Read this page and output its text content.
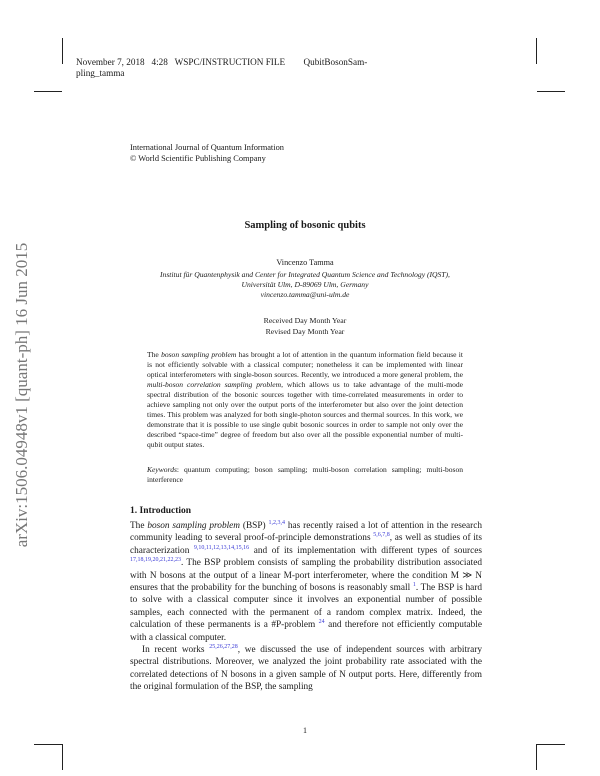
arXiv:1506.04948v1 [quant-ph] 16 Jun 2015
November 7, 2018   4:28   WSPC/INSTRUCTION FILE        QubitBosonSam-
pling_tamma
International Journal of Quantum Information
© World Scientific Publishing Company
Sampling of bosonic qubits
Vincenzo Tamma
Institut für Quantenphysik and Center for Integrated Quantum Science and Technology (IQST),
Universität Ulm, D-89069 Ulm, Germany
vincenzo.tamma@uni-ulm.de
Received Day Month Year
Revised Day Month Year
The boson sampling problem has brought a lot of attention in the quantum information field because it is not efficiently solvable with a classical computer; nonetheless it can be implemented with linear optical interferometers with single-boson sources. Recently, we introduced a more general problem, the multi-boson correlation sampling problem, which allows us to take advantage of the multi-mode spectral distribution of the bosonic sources together with time-correlated measurements in order to achieve sampling not only over the output ports of the interferometer but also over the joint detection times. This problem was analyzed for both single-photon sources and thermal sources. In this work, we demonstrate that it is possible to use single qubit bosonic sources in order to sample not only over the described “space-time” degree of freedom but also over all the possible exponential number of multi-qubit output states.
Keywords: quantum computing; boson sampling; multi-boson correlation sampling; multi-boson interference
1. Introduction

The boson sampling problem (BSP) $^{1,2,3,4}$ has recently raised a lot of attention in the research community leading to several proof-of-principle demonstrations $^{5,6,7,8}$, as well as studies of its characterization $^{9,10,11,12,13,14,15,16}$ and of its implementation with different types of sources $^{17,18,19,20,21,22,23}$. The BSP problem consists of sampling the probability distribution associated with N bosons at the output of a linear M-port interferometer, where the condition M ≫ N ensures that the probability for the bunching of bosons is reasonably small $^1$. The BSP is hard to solve with a classical computer since it involves an exponential number of possible samples, each connected with the permanent of a random complex matrix. Indeed, the calculation of these permanents is a #P-problem $^{24}$ and therefore not efficiently computable with a classical computer.

In recent works $^{25,26,27,28}$, we discussed the use of independent sources with arbitrary spectral distributions. Moreover, we analyzed the joint probability rate associated with the correlated detections of N bosons in a given sample of N output ports. Here, differently from the original formulation of the BSP, the sampling

1
